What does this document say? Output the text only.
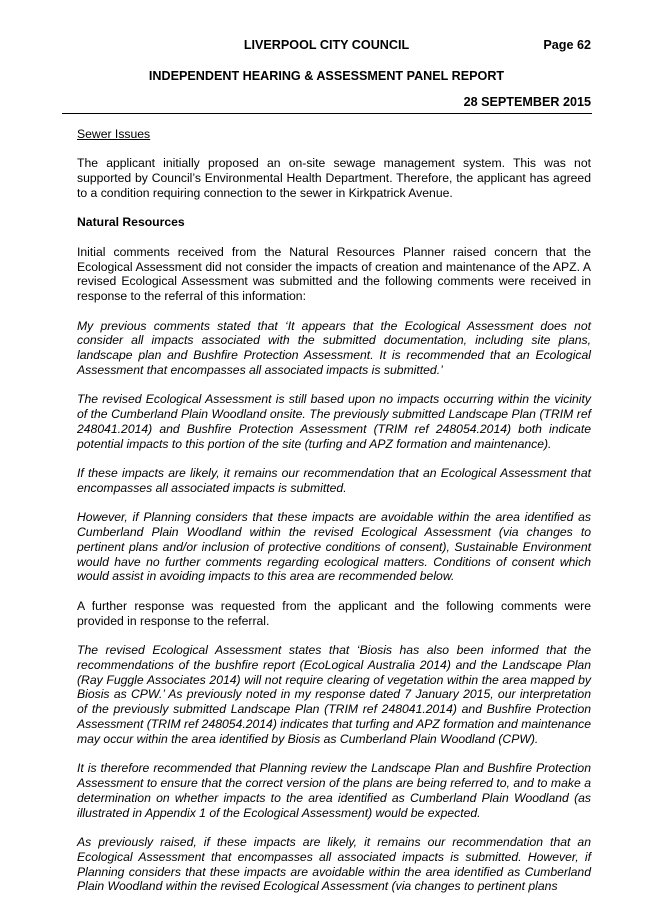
LIVERPOOL CITY COUNCIL	Page 62
INDEPENDENT HEARING & ASSESSMENT PANEL REPORT
28 SEPTEMBER 2015

Sewer Issues

The applicant initially proposed an on-site sewage management system. This was not supported by Council’s Environmental Health Department. Therefore, the applicant has agreed to a condition requiring connection to the sewer in Kirkpatrick Avenue.

Natural Resources

Initial comments received from the Natural Resources Planner raised concern that the Ecological Assessment did not consider the impacts of creation and maintenance of the APZ. A revised Ecological Assessment was submitted and the following comments were received in response to the referral of this information:

My previous comments stated that ‘It appears that the Ecological Assessment does not consider all impacts associated with the submitted documentation, including site plans, landscape plan and Bushfire Protection Assessment. It is recommended that an Ecological Assessment that encompasses all associated impacts is submitted.’

The revised Ecological Assessment is still based upon no impacts occurring within the vicinity of the Cumberland Plain Woodland onsite. The previously submitted Landscape Plan (TRIM ref 248041.2014) and Bushfire Protection Assessment (TRIM ref 248054.2014) both indicate potential impacts to this portion of the site (turfing and APZ formation and maintenance).

If these impacts are likely, it remains our recommendation that an Ecological Assessment that encompasses all associated impacts is submitted.

However, if Planning considers that these impacts are avoidable within the area identified as Cumberland Plain Woodland within the revised Ecological Assessment (via changes to pertinent plans and/or inclusion of protective conditions of consent), Sustainable Environment would have no further comments regarding ecological matters. Conditions of consent which would assist in avoiding impacts to this area are recommended below.

A further response was requested from the applicant and the following comments were provided in response to the referral.

The revised Ecological Assessment states that ‘Biosis has also been informed that the recommendations of the bushfire report (EcoLogical Australia 2014) and the Landscape Plan (Ray Fuggle Associates 2014) will not require clearing of vegetation within the area mapped by Biosis as CPW.’ As previously noted in my response dated 7 January 2015, our interpretation of the previously submitted Landscape Plan (TRIM ref 248041.2014) and Bushfire Protection Assessment (TRIM ref 248054.2014) indicates that turfing and APZ formation and maintenance may occur within the area identified by Biosis as Cumberland Plain Woodland (CPW).

It is therefore recommended that Planning review the Landscape Plan and Bushfire Protection Assessment to ensure that the correct version of the plans are being referred to, and to make a determination on whether impacts to the area identified as Cumberland Plain Woodland (as illustrated in Appendix 1 of the Ecological Assessment) would be expected.

As previously raised, if these impacts are likely, it remains our recommendation that an Ecological Assessment that encompasses all associated impacts is submitted. However, if Planning considers that these impacts are avoidable within the area identified as Cumberland Plain Woodland within the revised Ecological Assessment (via changes to pertinent plans
